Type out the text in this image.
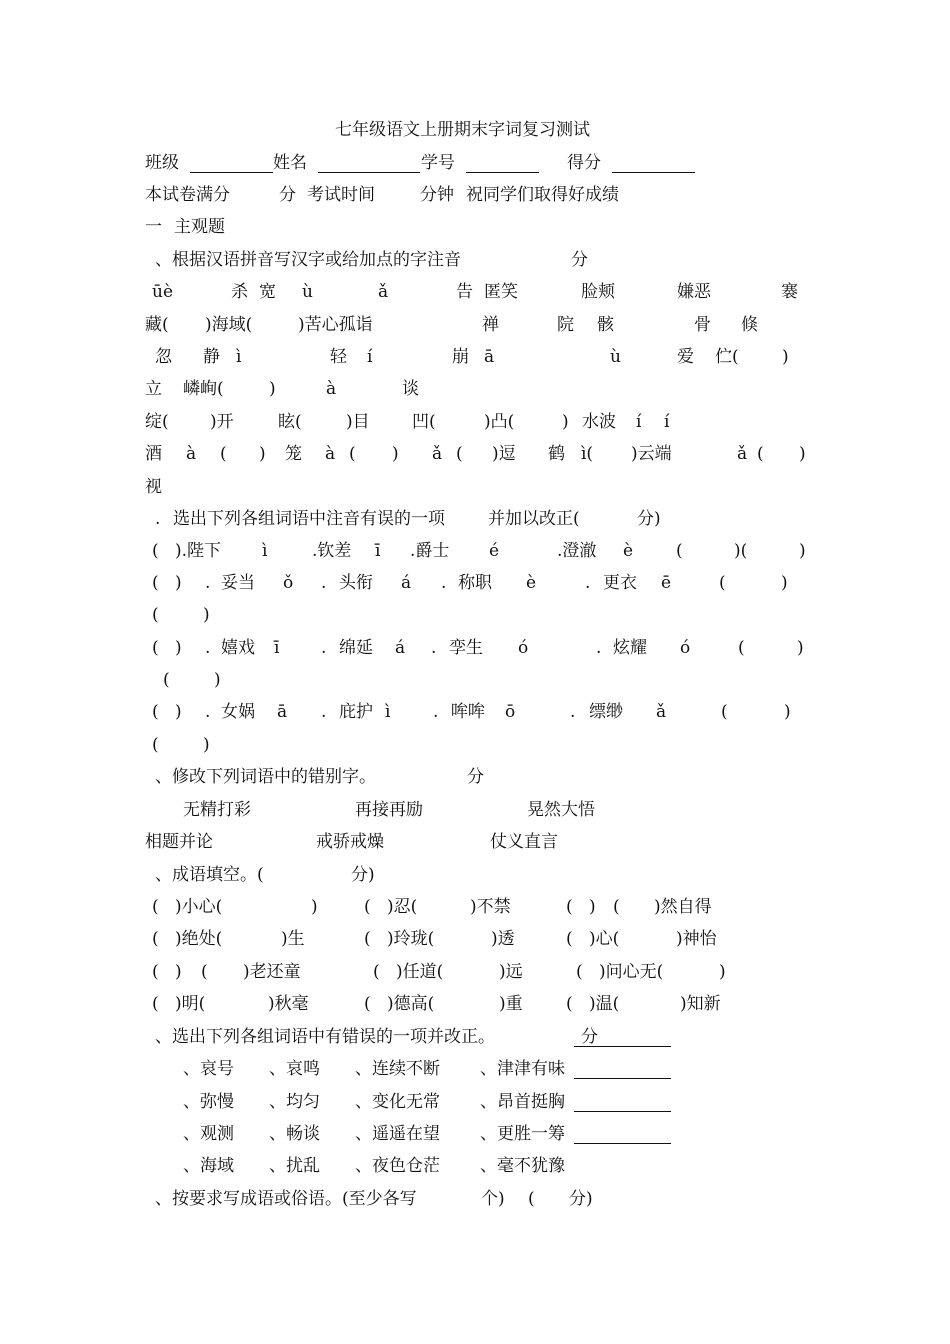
七年级语文上册期末字词复习测试
班级	姓名	学号	得分
本试卷满分	分 考试时间	分钟 祝同学们取得好成绩
一 主观题
、根据汉语拼音写汉字或给加点的字注音	分
ūè	杀 宽 ù	ǎ	告 匿笑	脸颊	嫌恶	褰
藏( )海域(	)苦心孤诣	禅	院 骸	骨 倏
忽 静 ì	轻 í	崩 ā	ù	爱 伫(	)
立 嶙峋(	)	à	谈
绽( )开	眩(	)目 凹(	)凸(	) 水波 í í
酒 à ( ) 笼 à ( ) ǎ ( )逗 鹤 ì( )云端	ǎ ( )
视
. 选出下列各组词语中注音有误的一项	并加以改正(	分)
( ).陛下 ì	.钦差 ī .爵士 é	.澄澈 è	(	)(	)
( ) . 妥当 ǒ . 头衔 á . 称职 è	. 更衣 ē	(	)
(	)
( ) . 嬉戏 ī . 绵延 á . 孪生 ó	. 炫耀 ó	(	)
(	)
( ) . 女娲 ā . 庇护 ì	. 哞哞 ō	. 缥缈 ǎ	(	)
(	)
、修改下列词语中的错别字。	分
无精打彩	再接再励	晃然大悟
相题并论	戒骄戒燥	仗义直言
、成语填空。(	分)
( )小心(	)	( )忍(	)不禁	( ) ( )然自得
( )绝处(	)生	( )玲珑(	)透	( )心(	)神怡
( ) ( )老还童	( )任道(	)远	( )问心无(	)
( )明(	)秋毫	( )德高(	)重	( )温(	)知新
、选出下列各组词语中有错误的一项并改正。	分
、哀号 、哀鸣 、连续不断 、津津有味
、弥慢 、均匀 、变化无常 、昂首挺胸
、观测 、畅谈 、遥遥在望 、更胜一筹
、海域 、扰乱 、夜色仓茫 、毫不犹豫
、按要求写成语或俗语。(至少各写	个) ( 分)
